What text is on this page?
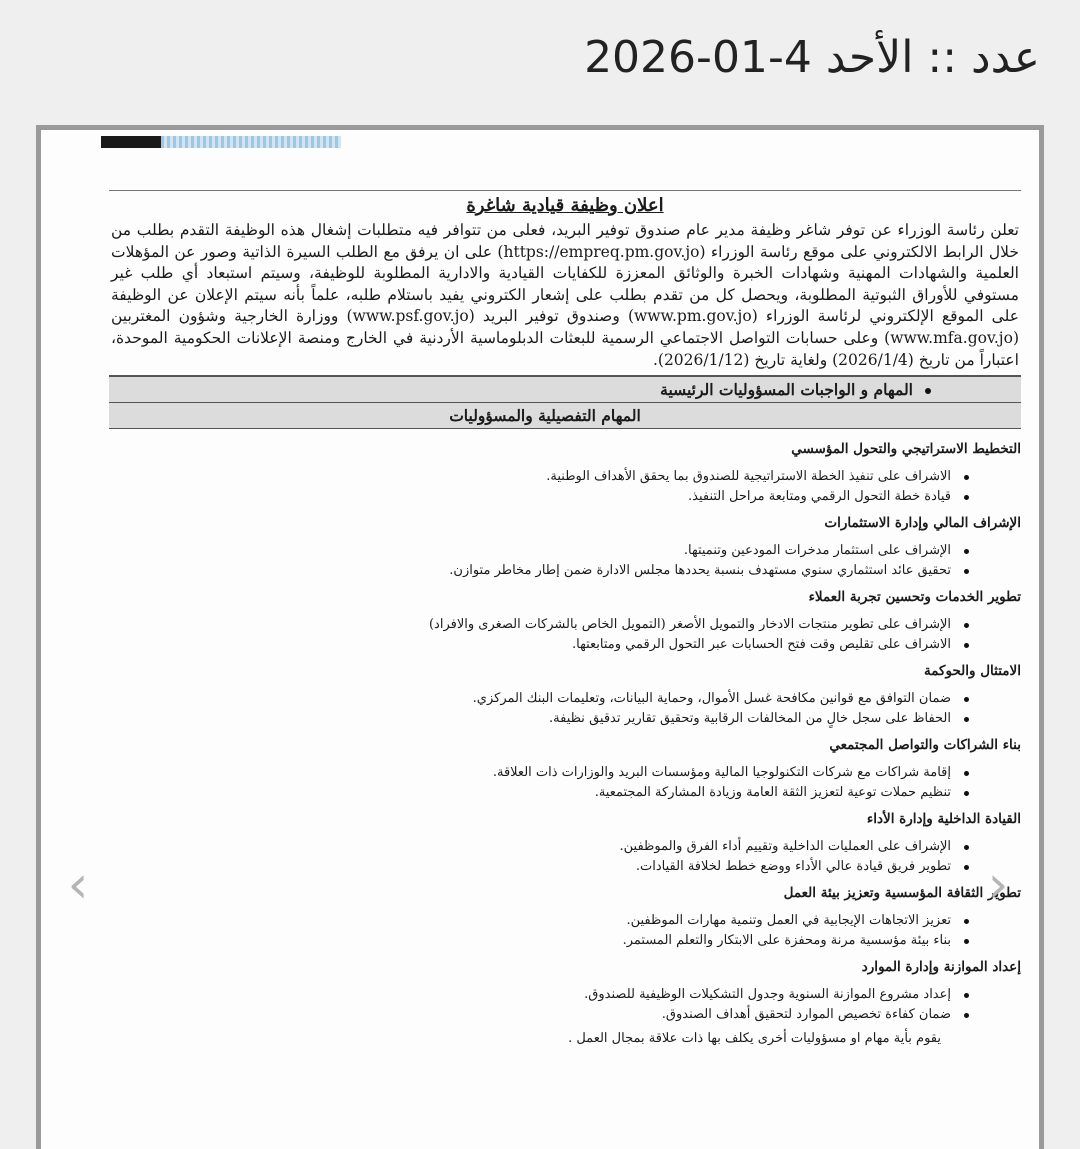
عدد :: الأحد 4-01-2026
اعلان وظيفة قيادية شاغرة
تعلن رئاسة الوزراء عن توفر شاغر وظيفة مدير عام صندوق توفير البريد، فعلى من تتوافر فيه متطلبات إشغال هذه الوظيفة التقدم بطلب من خلال الرابط الالكتروني على موقع رئاسة الوزراء (https://empreq.pm.gov.jo) على ان يرفق مع الطلب السيرة الذاتية وصور عن المؤهلات العلمية والشهادات المهنية وشهادات الخبرة والوثائق المعززة للكفايات القيادية والادارية المطلوبة للوظيفة، وسيتم استبعاد أي طلب غير مستوفي للأوراق الثبوتية المطلوبة، ويحصل كل من تقدم بطلب على إشعار الكتروني يفيد باستلام طلبه، علماً بأنه سيتم الإعلان عن الوظيفة على الموقع الإلكتروني لرئاسة الوزراء (www.pm.gov.jo) وصندوق توفير البريد (www.psf.gov.jo) ووزارة الخارجية وشؤون المغتربين (www.mfa.gov.jo) وعلى حسابات التواصل الاجتماعي الرسمية للبعثات الدبلوماسية الأردنية في الخارج ومنصة الإعلانات الحكومية الموحدة، اعتباراً من تاريخ (2026/1/4) ولغاية تاريخ (2026/1/12).
المهام و الواجبات المسؤوليات الرئيسية
المهام التفصيلية والمسؤوليات
التخطيط الاستراتيجي والتحول المؤسسي
الاشراف على تنفيذ الخطة الاستراتيجية للصندوق بما يحقق الأهداف الوطنية.
قيادة خطة التحول الرقمي ومتابعة مراحل التنفيذ.
الإشراف المالي وإدارة الاستثمارات
الإشراف على استثمار مدخرات المودعين وتنميتها.
تحقيق عائد استثماري سنوي مستهدف بنسبة يحددها مجلس الادارة ضمن إطار مخاطر متوازن.
تطوير الخدمات وتحسين تجربة العملاء
الإشراف على تطوير منتجات الادخار والتمويل الأصغر (التمويل الخاص بالشركات الصغرى والافراد)
الاشراف على تقليص وقت فتح الحسابات عبر التحول الرقمي ومتابعتها.
الامتثال والحوكمة
ضمان التوافق مع قوانين مكافحة غسل الأموال، وحماية البيانات، وتعليمات البنك المركزي.
الحفاظ على سجل خالٍ من المخالفات الرقابية وتحقيق تقارير تدقيق نظيفة.
بناء الشراكات والتواصل المجتمعي
إقامة شراكات مع شركات التكنولوجيا المالية ومؤسسات البريد والوزارات ذات العلاقة.
تنظيم حملات توعية لتعزيز الثقة العامة وزيادة المشاركة المجتمعية.
القيادة الداخلية وإدارة الأداء
الإشراف على العمليات الداخلية وتقييم أداء الفرق والموظفين.
تطوير فريق قيادة عالي الأداء ووضع خطط لخلافة القيادات.
تطوير الثقافة المؤسسية وتعزيز بيئة العمل
تعزيز الاتجاهات الإيجابية في العمل وتنمية مهارات الموظفين.
بناء بيئة مؤسسية مرنة ومحفزة على الابتكار والتعلم المستمر.
إعداد الموازنة وإدارة الموارد
إعداد مشروع الموازنة السنوية وجدول التشكيلات الوظيفية للصندوق.
ضمان كفاءة تخصيص الموارد لتحقيق أهداف الصندوق.
يقوم بأية مهام او مسؤوليات أخرى يكلف بها ذات علاقة بمجال العمل .
‹	›
